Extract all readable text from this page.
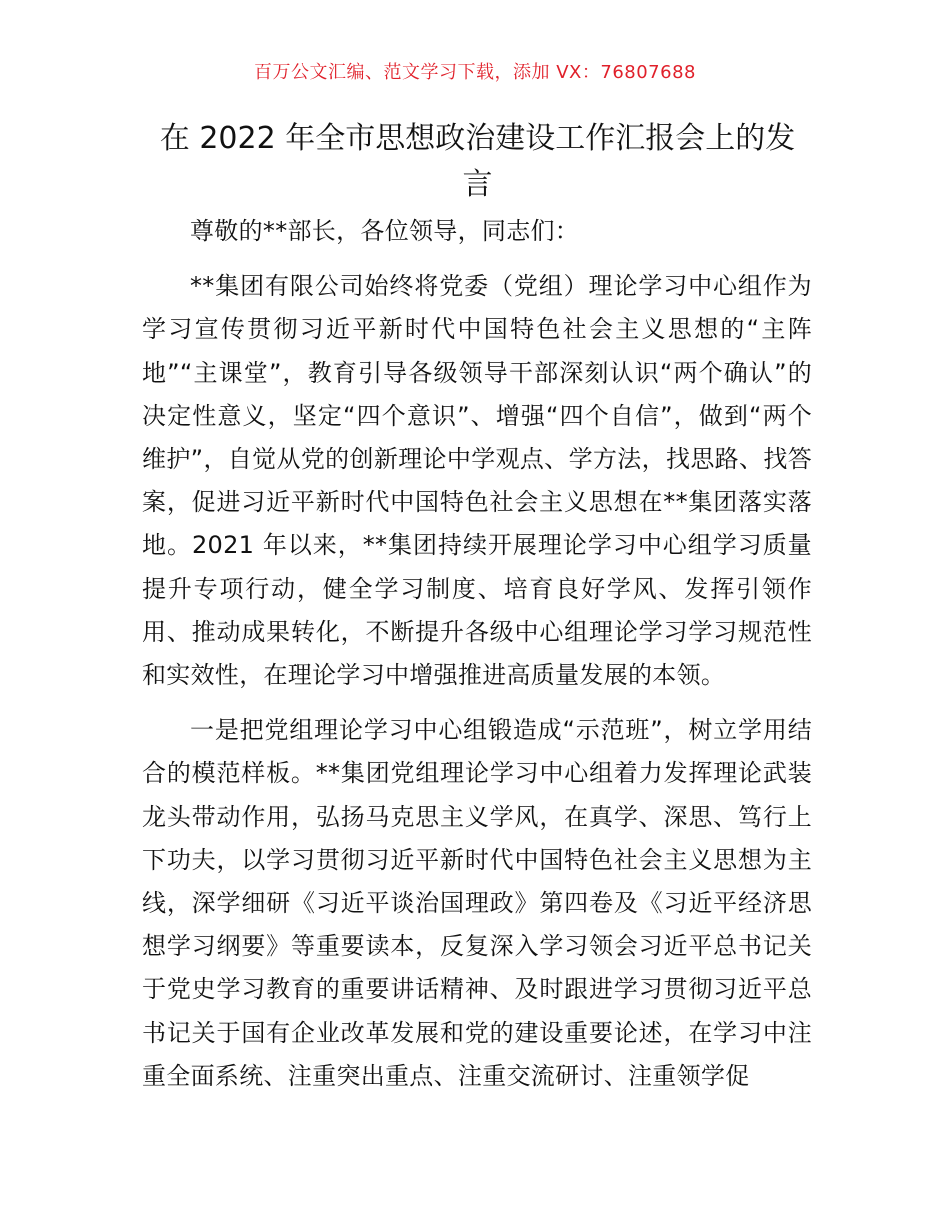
百万公文汇编、范文学习下载，添加 VX：76807688
在 2022 年全市思想政治建设工作汇报会上的发言

尊敬的**部长，各位领导，同志们：

**集团有限公司始终将党委（党组）理论学习中心组作为学习宣传贯彻习近平新时代中国特色社会主义思想的“主阵地”“主课堂”，教育引导各级领导干部深刻认识“两个确认”的决定性意义，坚定“四个意识”、增强“四个自信”，做到“两个维护”，自觉从党的创新理论中学观点、学方法，找思路、找答案，促进习近平新时代中国特色社会主义思想在**集团落实落地。2021 年以来，**集团持续开展理论学习中心组学习质量提升专项行动，健全学习制度、培育良好学风、发挥引领作用、推动成果转化，不断提升各级中心组理论学习学习规范性和实效性，在理论学习中增强推进高质量发展的本领。

一是把党组理论学习中心组锻造成“示范班”，树立学用结合的模范样板。**集团党组理论学习中心组着力发挥理论武装龙头带动作用，弘扬马克思主义学风，在真学、深思、笃行上下功夫，以学习贯彻习近平新时代中国特色社会主义思想为主线，深学细研《习近平谈治国理政》第四卷及《习近平经济思想学习纲要》等重要读本，反复深入学习领会习近平总书记关于党史学习教育的重要讲话精神、及时跟进学习贯彻习近平总书记关于国有企业改革发展和党的建设重要论述，在学习中注重全面系统、注重突出重点、注重交流研讨、注重领学促
